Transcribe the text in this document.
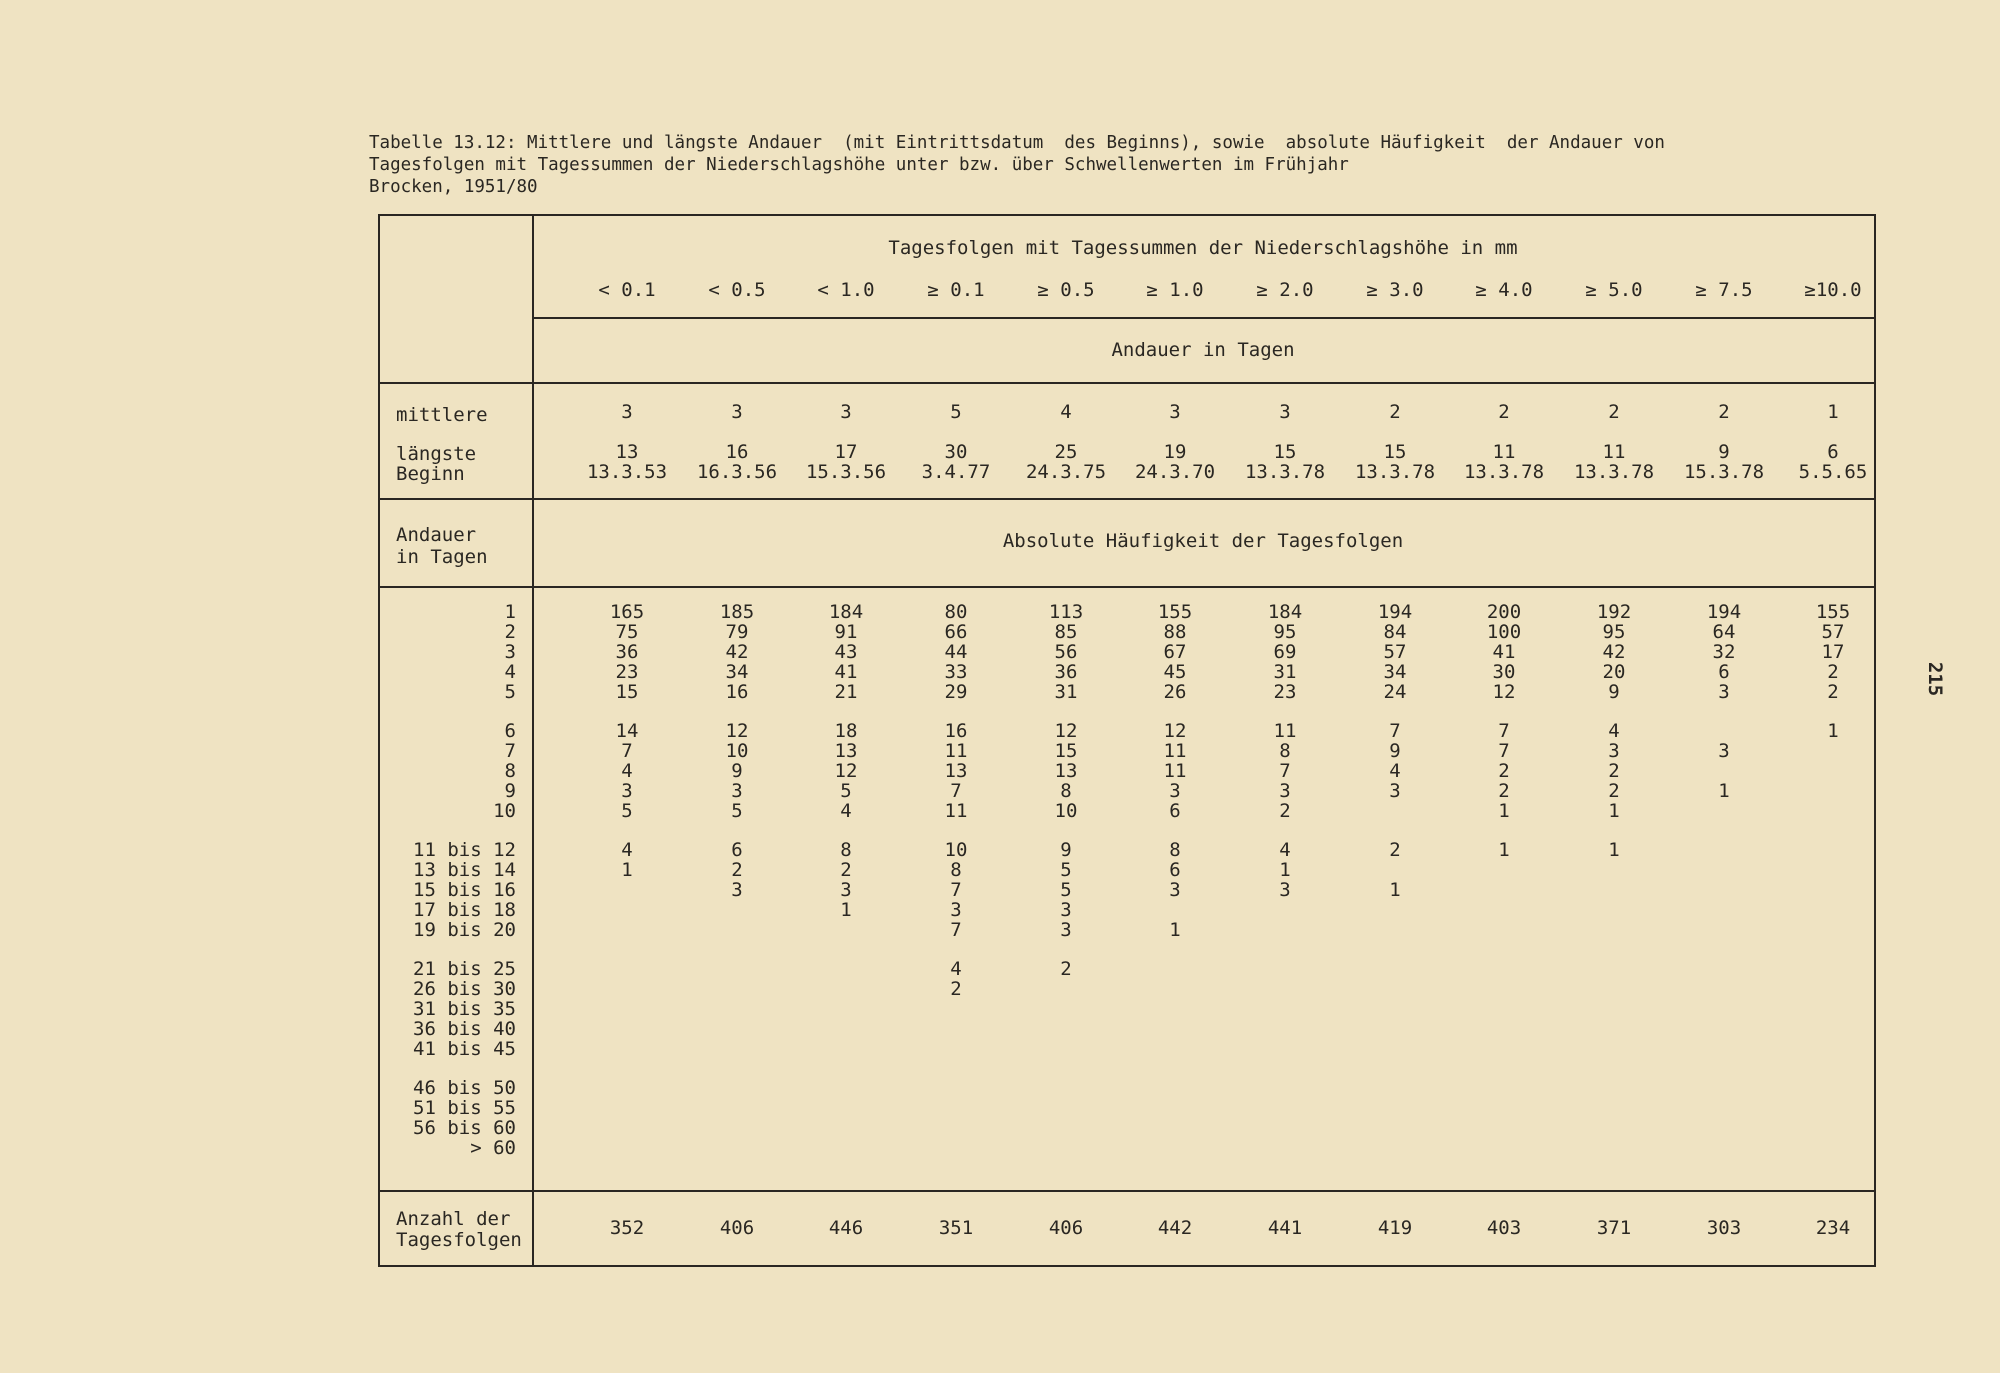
Tabelle 13.12: Mittlere und längste Andauer  (mit Eintrittsdatum  des Beginns), sowie  absolute Häufigkeit  der Andauer von
Tagesfolgen mit Tagessummen der Niederschlagshöhe unter bzw. über Schwellenwerten im Frühjahr
Brocken, 1951/80
215
Tagesfolgen mit Tagessummen der Niederschlagshöhe in mm
Andauer in Tagen
Absolute Häufigkeit der Tagesfolgen
mittlere
längste
Beginn
Andauer
in Tagen
Anzahl der
Tagesfolgen
1
2
3
4
5
6
7
8
9
10
11 bis 12
13 bis 14
15 bis 16
17 bis 18
19 bis 20
21 bis 25
26 bis 30
31 bis 35
36 bis 40
41 bis 45
46 bis 50
51 bis 55
56 bis 60
> 60
< 0.1
3
13
13.3.53
352
165
75
36
23
15
14
7
4
3
5
4
1
< 0.5
3
16
16.3.56
406
185
79
42
34
16
12
10
9
3
5
6
2
3
< 1.0
3
17
15.3.56
446
184
91
43
41
21
18
13
12
5
4
8
2
3
1
≥ 0.1
5
30
3.4.77
351
80
66
44
33
29
16
11
13
7
11
10
8
7
3
7
4
2
≥ 0.5
4
25
24.3.75
406
113
85
56
36
31
12
15
13
8
10
9
5
5
3
3
2
≥ 1.0
3
19
24.3.70
442
155
88
67
45
26
12
11
11
3
6
8
6
3
1
≥ 2.0
3
15
13.3.78
441
184
95
69
31
23
11
8
7
3
2
4
1
3
≥ 3.0
2
15
13.3.78
419
194
84
57
34
24
7
9
4
3
2
1
≥ 4.0
2
11
13.3.78
403
200
100
41
30
12
7
7
2
2
1
1
≥ 5.0
2
11
13.3.78
371
192
95
42
20
9
4
3
2
2
1
1
≥ 7.5
2
9
15.3.78
303
194
64
32
6
3
3
1
≥10.0
1
6
5.5.65
234
155
57
17
2
2
1
